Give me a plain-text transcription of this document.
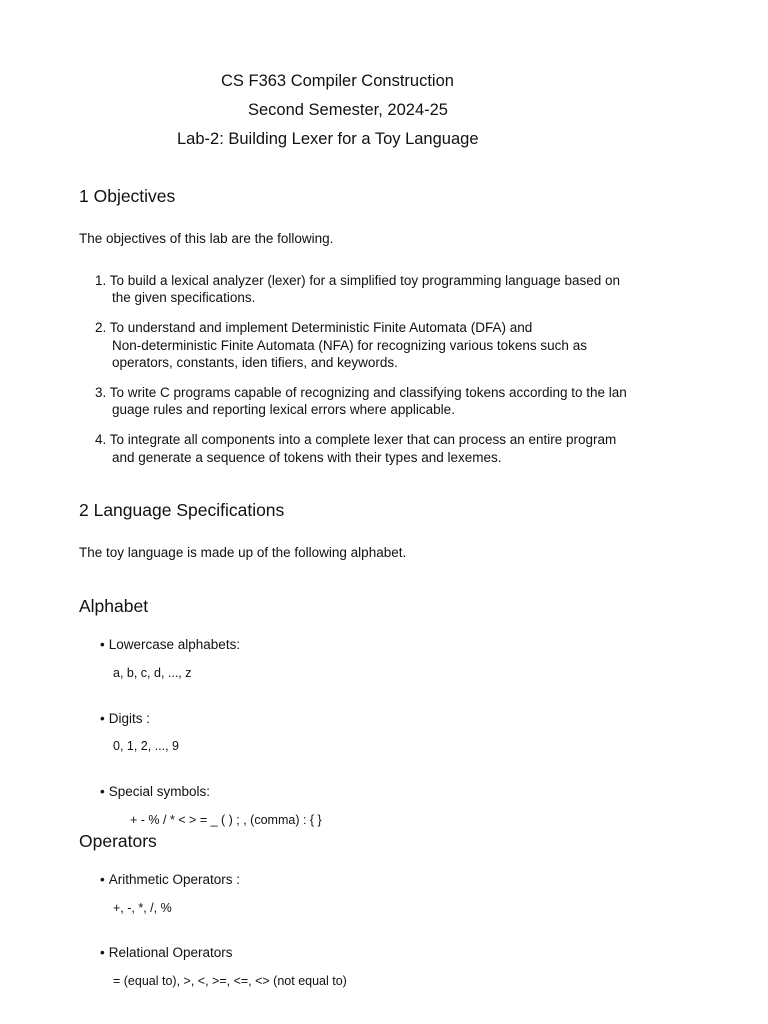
CS F363 Compiler Construction
Second Semester, 2024-25
Lab-2: Building Lexer for a Toy Language
1 Objectives
The objectives of this lab are the following.
1. To build a lexical analyzer (lexer) for a simplified toy programming language based on
the given specifications.
2. To understand and implement Deterministic Finite Automata (DFA) and
Non-deterministic Finite Automata (NFA) for recognizing various tokens such as
operators, constants, iden tifiers, and keywords.
3. To write C programs capable of recognizing and classifying tokens according to the lan
guage rules and reporting lexical errors where applicable.
4. To integrate all components into a complete lexer that can process an entire program
and generate a sequence of tokens with their types and lexemes.
2 Language Specifications
The toy language is made up of the following alphabet.
Alphabet
• Lowercase alphabets:
a, b, c, d, ..., z
• Digits :
0, 1, 2, ..., 9
• Special symbols:
+ - % / * < > = _ ( ) ; , (comma) : { }
Operators
• Arithmetic Operators :
+, -, *, /, %
• Relational Operators
= (equal to), >, <, >=, <=, <> (not equal to)
